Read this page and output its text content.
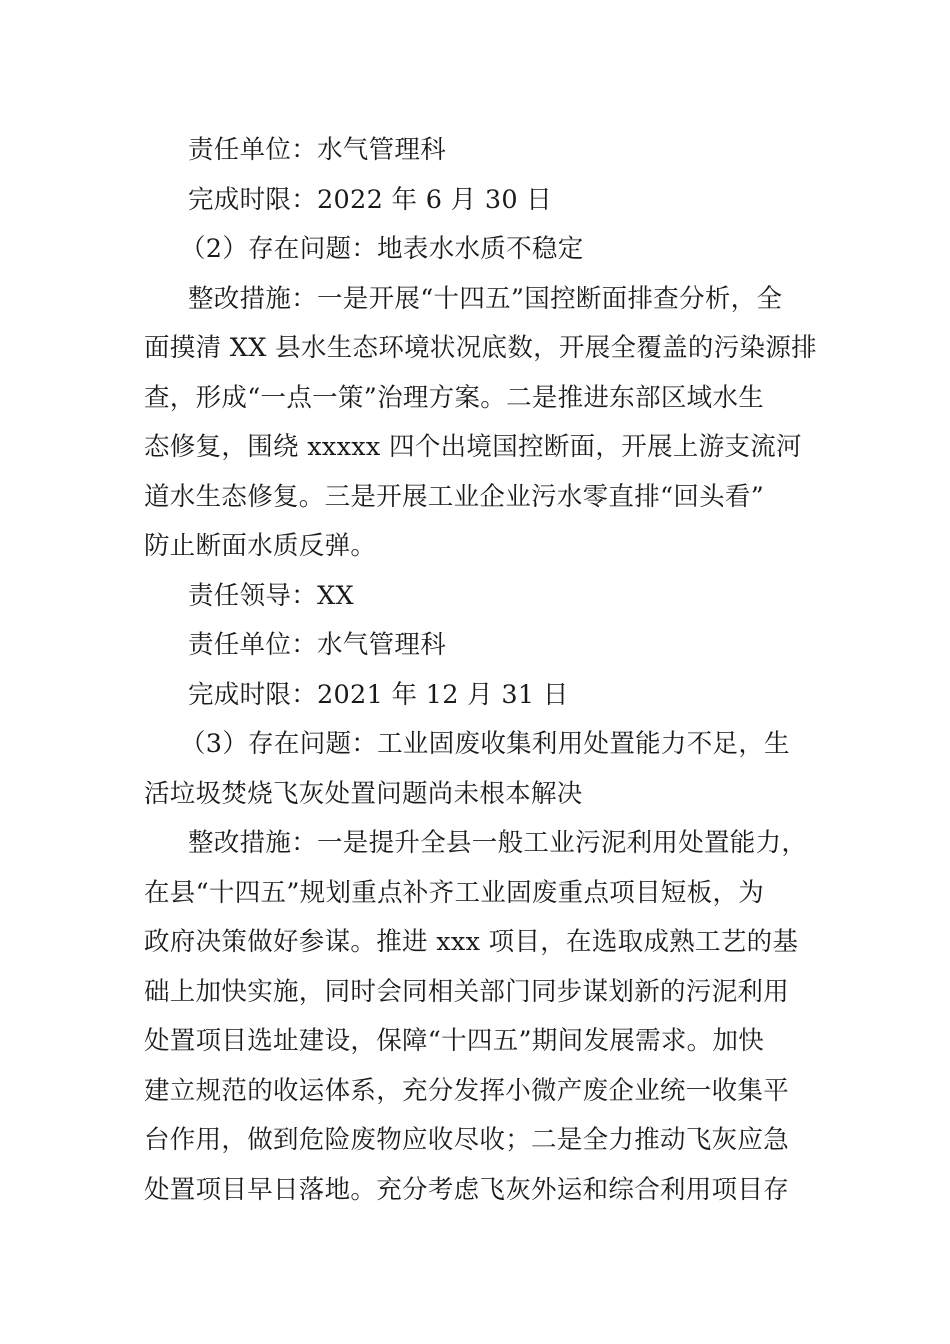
责任单位：水气管理科

完成时限：2022 年 6 月 30 日

（2）存在问题：地表水水质不稳定

整改措施：一是开展“十四五”国控断面排查分析，全

面摸清 XX 县水生态环境状况底数，开展全覆盖的污染源排

查，形成“一点一策”治理方案。二是推进东部区域水生

态修复，围绕 xxxxx 四个出境国控断面，开展上游支流河

道水生态修复。三是开展工业企业污水零直排“回头看”

防止断面水质反弹。

责任领导：XX

责任单位：水气管理科

完成时限：2021 年 12 月 31 日

（3）存在问题：工业固废收集利用处置能力不足，生

活垃圾焚烧飞灰处置问题尚未根本解决

整改措施：一是提升全县一般工业污泥利用处置能力，

在县“十四五”规划重点补齐工业固废重点项目短板，为

政府决策做好参谋。推进 xxx 项目，在选取成熟工艺的基

础上加快实施，同时会同相关部门同步谋划新的污泥利用

处置项目选址建设，保障“十四五”期间发展需求。加快

建立规范的收运体系，充分发挥小微产废企业统一收集平

台作用，做到危险废物应收尽收；二是全力推动飞灰应急

处置项目早日落地。充分考虑飞灰外运和综合利用项目存
